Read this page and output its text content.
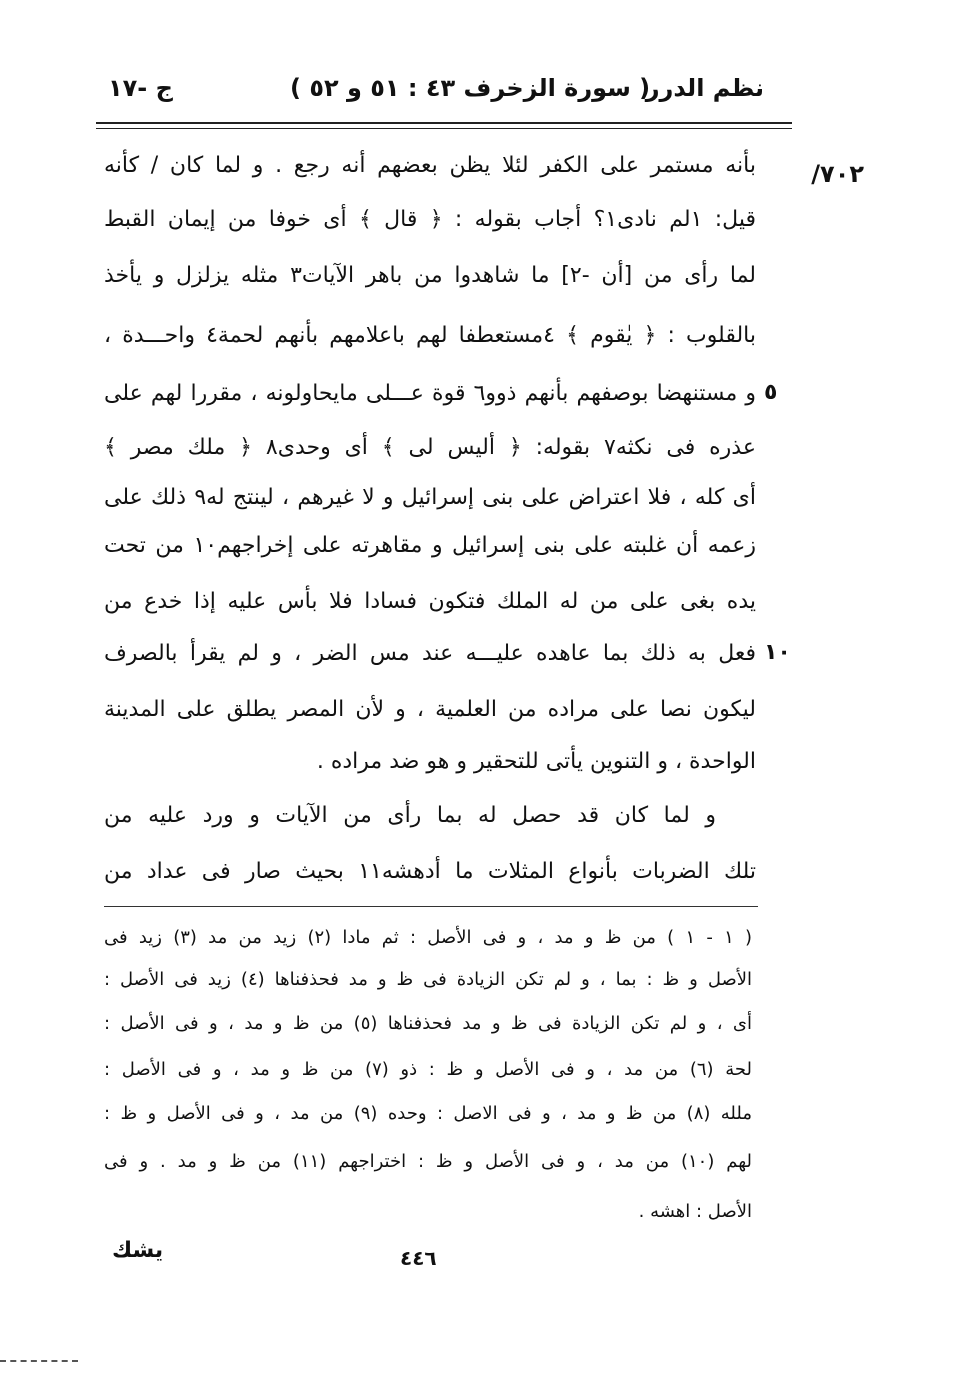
نظم الدرر
( سورة الزخرف ٤٣ : ٥١ و ٥٢ )
ج -١٧
/٧٠٢
٥
١٠
بأنه مستمر على الكفر لئلا يظن بعضهم أنه رجع . و لما كان / كأنه
قيل: ١لم نادى١؟ أجاب بقوله : ﴿ قال ﴾ أى خوفا من إيمان القبط
لما رأى من [أن -٢] ما شاهدوا من باهر الآيات٣ مثله يزلزل و يأخذ
بالقلوب : ﴿ يٰقوم ﴾ ٤مستعطفا لهم باعلامهم بأنهم لحمة٤ واحـــدة ،
و مستنهضا بوصفهم بأنهم ذوو٦ قوة عـــلى مايحاولونه ، مقررا لهم على
عذره فى نكثه٧ بقوله: ﴿ أليس لى ﴾ أى وحدى٨ ﴿ ملك مصر ﴾
أى كله ، فلا اعتراض على بنى إسرائيل و لا غيرهم ، لينتج له٩ ذلك على
زعمه أن غلبته على بنى إسرائيل و مقاهرته على إخراجهم١٠ من تحت
يده بغى على من له الملك فتكون فسادا فلا بأس عليه إذا خدع من
فعل به ذلك بما عاهده عليـــه عند مس الضر ، و لم يقرأ بالصرف
ليكون نصا على مراده من العلمية ، و لأن المصر يطلق على المدينة
الواحدة ، و التنوين يأتى للتحقير و هو ضد مراده .
و لما كان قد حصل له بما رأى من الآيات و ورد عليه من
تلك الضربات بأنواع المثلات ما أدهشه١١ بحيث صار فى عداد من
( ١ - ١ ) من ظ و مد ، و فى الأصل : ثم مادا (٢) زيد من مد (٣) زيد فى
الأصل و ظ : بما ، و لم تكن الزيادة فى ظ و مد فحذفناها (٤) زيد فى الأصل :
أى ، و لم تكن الزيادة فى ظ و مد فحذفناها (٥) من ظ و مد ، و فى الأصل :
لحة (٦) من مد ، و فى الأصل و ظ : ذو (٧) من ظ و مد ، و فى الأصل :
ملله (٨) من ظ و مد ، و فى الاصل : وحده (٩) من مد ، و فى الأصل و ظ :
لهم (١٠) من مد ، و فى الأصل و ظ : اختراجهم (١١) من ظ و مد . و فى
الأصل : اهشه .
يشك	٤٤٦
